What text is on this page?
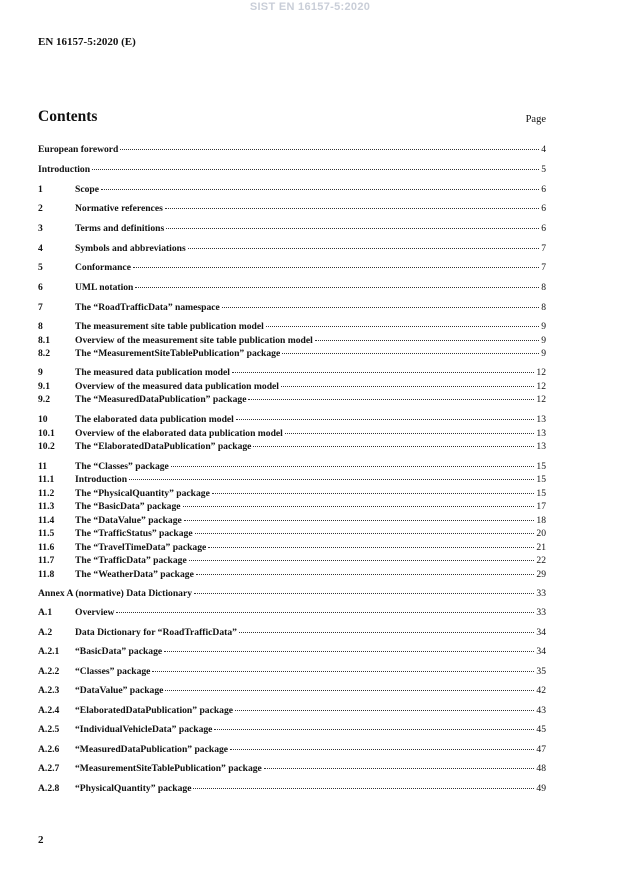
SIST EN 16157-5:2020
EN 16157-5:2020 (E)
Contents	Page
European foreword	4
Introduction	5
1	Scope	6
2	Normative references	6
3	Terms and definitions	6
4	Symbols and abbreviations	7
5	Conformance	7
6	UML notation	8
7	The “RoadTrafficData” namespace	8
8	The measurement site table publication model	9
8.1	Overview of the measurement site table publication model	9
8.2	The “MeasurementSiteTablePublication” package	9
9	The measured data publication model	12
9.1	Overview of the measured data publication model	12
9.2	The “MeasuredDataPublication” package	12
10	The elaborated data publication model	13
10.1	Overview of the elaborated data publication model	13
10.2	The “ElaboratedDataPublication” package	13
11	The “Classes” package	15
11.1	Introduction	15
11.2	The “PhysicalQuantity” package	15
11.3	The “BasicData” package	17
11.4	The “DataValue” package	18
11.5	The “TrafficStatus” package	20
11.6	The “TravelTimeData” package	21
11.7	The “TrafficData” package	22
11.8	The “WeatherData” package	29
Annex A (normative) Data Dictionary	33
A.1	Overview	33
A.2	Data Dictionary for “RoadTrafficData”	34
A.2.1	“BasicData” package	34
A.2.2	“Classes” package	35
A.2.3	“DataValue” package	42
A.2.4	“ElaboratedDataPublication” package	43
A.2.5	“IndividualVehicleData” package	45
A.2.6	“MeasuredDataPublication” package	47
A.2.7	“MeasurementSiteTablePublication” package	48
A.2.8	“PhysicalQuantity” package	49
2
